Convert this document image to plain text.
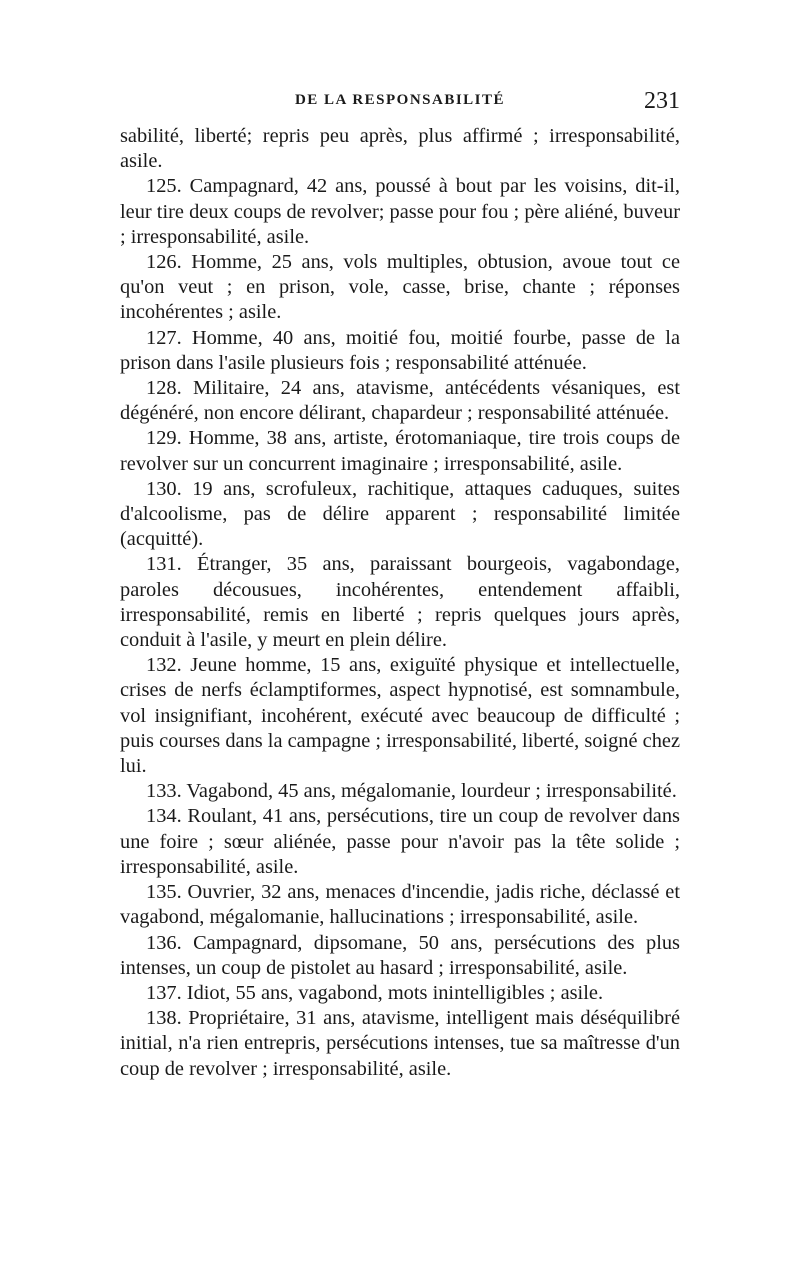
DE LA RESPONSABILITÉ	231

sabilité, liberté; repris peu après, plus affirmé ; irresponsabilité, asile.

125. Campagnard, 42 ans, poussé à bout par les voisins, dit-il, leur tire deux coups de revolver; passe pour fou ; père aliéné, buveur ; irresponsabilité, asile.

126. Homme, 25 ans, vols multiples, obtusion, avoue tout ce qu'on veut ; en prison, vole, casse, brise, chante ; réponses incohérentes ; asile.

127. Homme, 40 ans, moitié fou, moitié fourbe, passe de la prison dans l'asile plusieurs fois ; responsabilité atténuée.

128. Militaire, 24 ans, atavisme, antécédents vésaniques, est dégénéré, non encore délirant, chapardeur ; responsabilité atténuée.

129. Homme, 38 ans, artiste, érotomaniaque, tire trois coups de revolver sur un concurrent imaginaire ; irresponsabilité, asile.

130. 19 ans, scrofuleux, rachitique, attaques caduques, suites d'alcoolisme, pas de délire apparent ; responsabilité limitée (acquitté).

131. Étranger, 35 ans, paraissant bourgeois, vagabondage, paroles décousues, incohérentes, entendement affaibli, irresponsabilité, remis en liberté ; repris quelques jours après, conduit à l'asile, y meurt en plein délire.

132. Jeune homme, 15 ans, exiguïté physique et intellectuelle, crises de nerfs éclamptiformes, aspect hypnotisé, est somnambule, vol insignifiant, incohérent, exécuté avec beaucoup de difficulté ; puis courses dans la campagne ; irresponsabilité, liberté, soigné chez lui.

133. Vagabond, 45 ans, mégalomanie, lourdeur ; irresponsabilité.

134. Roulant, 41 ans, persécutions, tire un coup de revolver dans une foire ; sœur aliénée, passe pour n'avoir pas la tête solide ; irresponsabilité, asile.

135. Ouvrier, 32 ans, menaces d'incendie, jadis riche, déclassé et vagabond, mégalomanie, hallucinations ; irresponsabilité, asile.

136. Campagnard, dipsomane, 50 ans, persécutions des plus intenses, un coup de pistolet au hasard ; irresponsabilité, asile.

137. Idiot, 55 ans, vagabond, mots inintelligibles ; asile.

138. Propriétaire, 31 ans, atavisme, intelligent mais déséquilibré initial, n'a rien entrepris, persécutions intenses, tue sa maîtresse d'un coup de revolver ; irresponsabilité, asile.
